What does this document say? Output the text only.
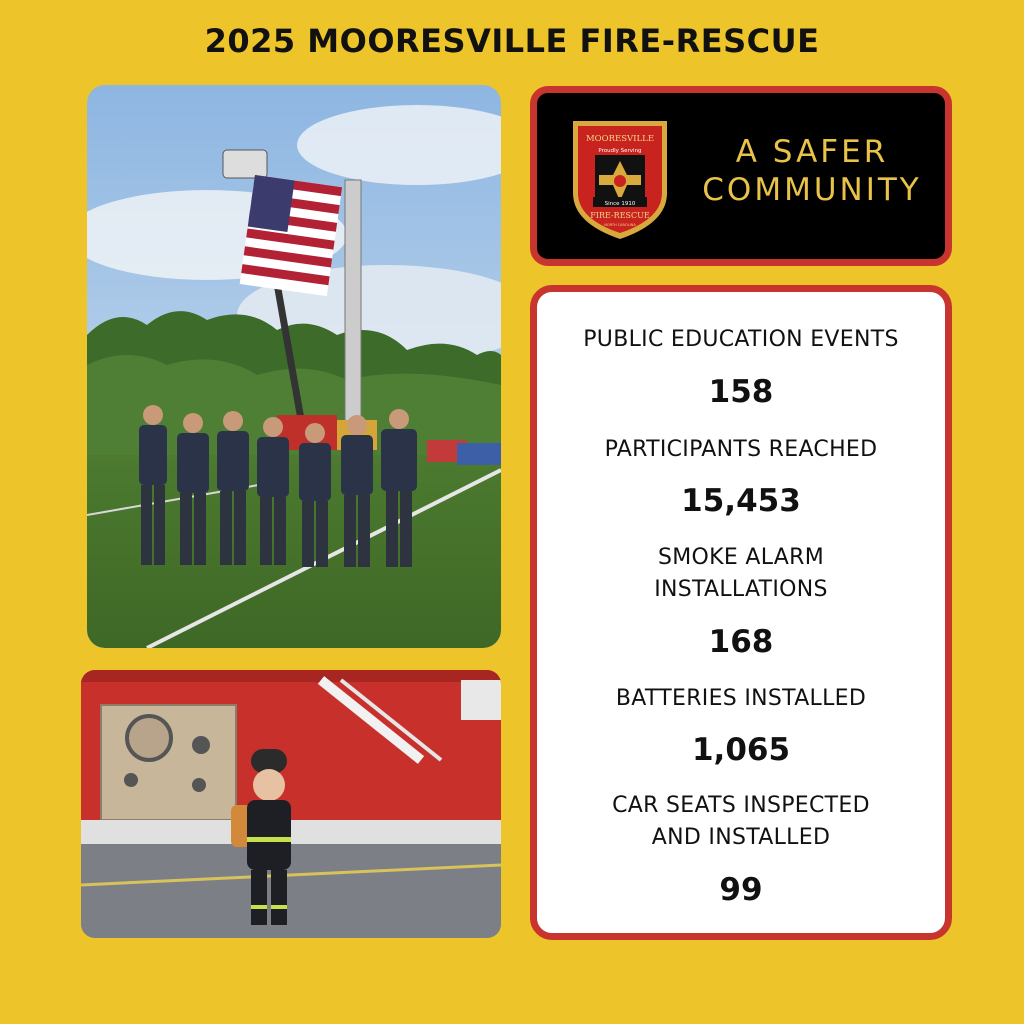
2025 MOORESVILLE FIRE-RESCUE
MOORESVILLE
Proudly Serving
Since 1910
FIRE-RESCUE
NORTH CAROLINA
A SAFER
COMMUNITY
PUBLIC EDUCATION EVENTS
158
PARTICIPANTS REACHED
15,453
SMOKE ALARM
INSTALLATIONS
168
BATTERIES INSTALLED
1,065
CAR SEATS INSPECTED
AND INSTALLED
99
